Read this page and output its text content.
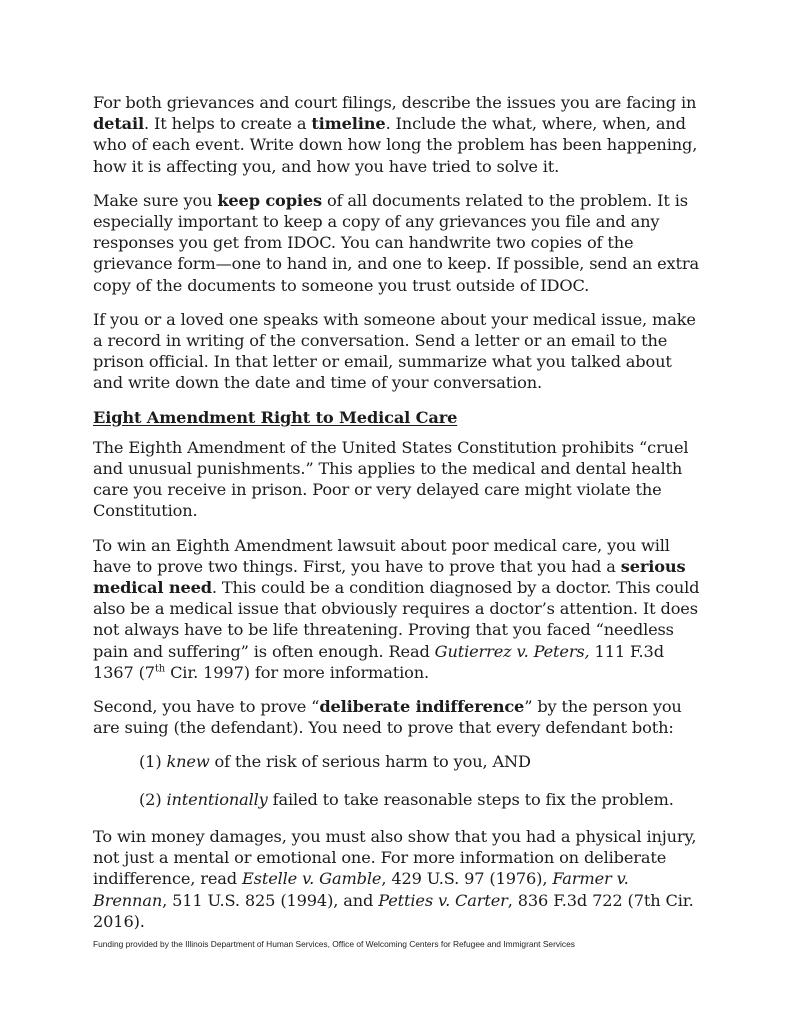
For both grievances and court filings, describe the issues you are facing in detail. It helps to create a timeline. Include the what, where, when, and who of each event. Write down how long the problem has been happening, how it is affecting you, and how you have tried to solve it.

Make sure you keep copies of all documents related to the problem. It is especially important to keep a copy of any grievances you file and any responses you get from IDOC. You can handwrite two copies of the grievance form—one to hand in, and one to keep. If possible, send an extra copy of the documents to someone you trust outside of IDOC.

If you or a loved one speaks with someone about your medical issue, make a record in writing of the conversation. Send a letter or an email to the prison official. In that letter or email, summarize what you talked about and write down the date and time of your conversation.

Eight Amendment Right to Medical Care

The Eighth Amendment of the United States Constitution prohibits “cruel and unusual punishments.” This applies to the medical and dental health care you receive in prison. Poor or very delayed care might violate the Constitution.

To win an Eighth Amendment lawsuit about poor medical care, you will have to prove two things. First, you have to prove that you had a serious medical need. This could be a condition diagnosed by a doctor. This could also be a medical issue that obviously requires a doctor’s attention. It does not always have to be life threatening. Proving that you faced “needless pain and suffering” is often enough. Read Gutierrez v. Peters, 111 F.3d 1367 (7th Cir. 1997) for more information.

Second, you have to prove “deliberate indifference” by the person you are suing (the defendant). You need to prove that every defendant both:

(1) knew of the risk of serious harm to you, AND

(2) intentionally failed to take reasonable steps to fix the problem.

To win money damages, you must also show that you had a physical injury, not just a mental or emotional one. For more information on deliberate indifference, read Estelle v. Gamble, 429 U.S. 97 (1976), Farmer v. Brennan, 511 U.S. 825 (1994), and Petties v. Carter, 836 F.3d 722 (7th Cir. 2016).

Funding provided by the Illinois Department of Human Services, Office of Welcoming Centers for Refugee and Immigrant Services
